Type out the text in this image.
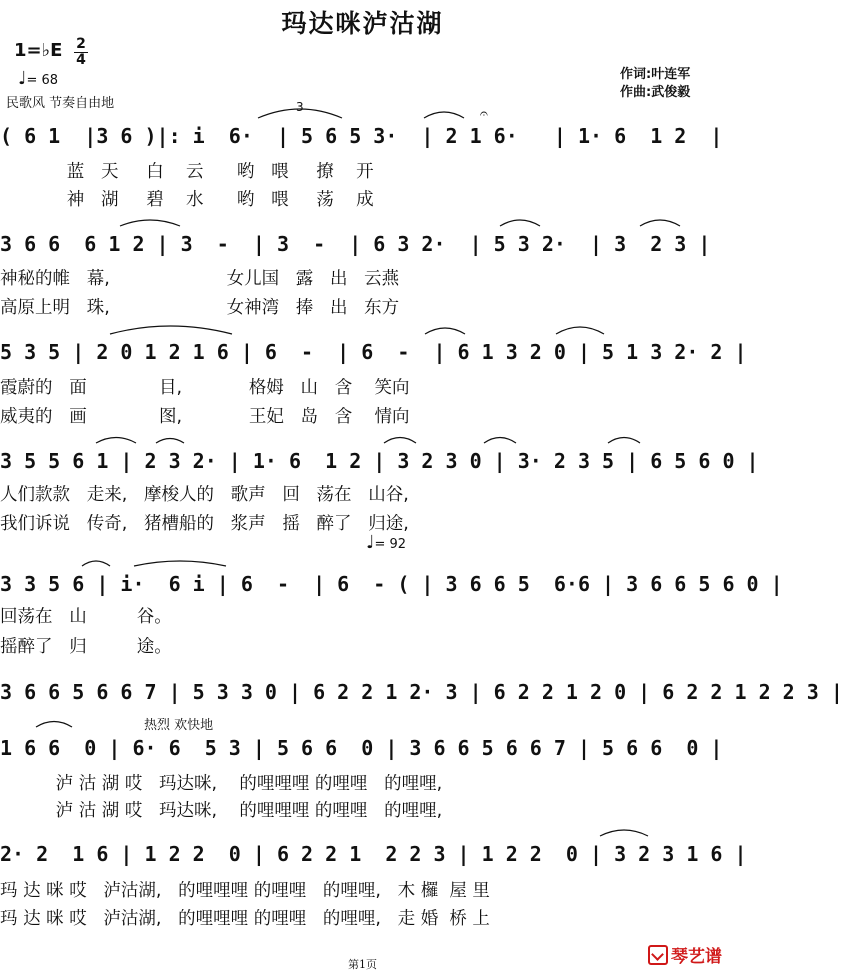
玛达咪泸沽湖
1=♭E 2
4
♩= 68
民歌风 节奏自由地
作词:叶连军
作曲:武俊毅
( 6 1  |3 6 )|: i  6·  | 5 6 5 3·  | 2 1 6·   | 1· 6  1 2  |
蓝   天     白    云      哟   喂     撩    开
神   湖     碧    水      哟   喂     荡    成
3 6 6  6 1 2 | 3  -  | 3  -  | 6 3 2·  | 5 3 2·  | 3  2 3 |
神秘的帷   幕,                     女儿国   露   出   云燕
高原上明   珠,                     女神湾   捧   出   东方
5 3 5 | 2 0 1 2 1 6 | 6  -  | 6  -  | 6 1 3 2 0 | 5 1 3 2· 2 |
霞蔚的   面             目,            格姆   山   含    笑向
威夷的   画             图,            王妃   岛   含    情向
3 5 5 6 1 | 2 3 2· | 1· 6  1 2 | 3 2 3 0 | 3· 2 3 5 | 6 5 6 0 |
人们款款   走来,   摩梭人的   歌声   回   荡在   山谷,
我们诉说   传奇,   猪槽船的   浆声   摇   醉了   归途,
♩= 92
3 3 5 6 | i·  6 i | 6  -  | 6  - ( | 3 6 6 5  6·6 | 3 6 6 5 6 0 |
回荡在   山         谷。
摇醉了   归         途。
3 6 6 5 6 6 7 | 5 3 3 0 | 6 2 2 1 2· 3 | 6 2 2 1 2 0 | 6 2 2 1 2 2 3 |
热烈 欢快地
1 6 6  0 | 6· 6  5 3 | 5 6 6  0 | 3 6 6 5 6 6 7 | 5 6 6  0 |
泸 沽 湖 哎   玛达咪,    的哩哩哩 的哩哩   的哩哩,
泸 沽 湖 哎   玛达咪,    的哩哩哩 的哩哩   的哩哩,
2· 2  1 6 | 1 2 2  0 | 6 2 2 1  2 2 3 | 1 2 2  0 | 3 2 3 1 6 |
玛 达 咪 哎   泸沽湖,   的哩哩哩 的哩哩   的哩哩,   木 欏  屋 里
玛 达 咪 哎   泸沽湖,   的哩哩哩 的哩哩   的哩哩,   走 婚  桥 上
3	𝄐
第1页	琴艺谱
